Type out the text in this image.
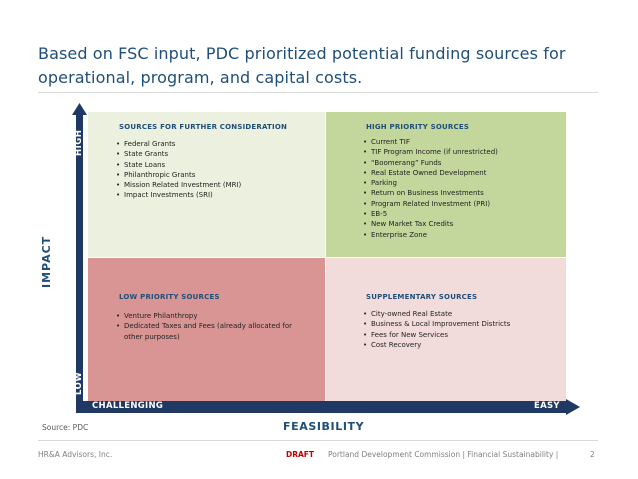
Based on FSC input, PDC prioritized potential funding sources for operational, program, and capital costs.
SOURCES FOR FURTHER CONSIDERATION
• Federal Grants
• State Grants
• State Loans
• Philanthropic Grants
• Mission Related Investment (MRI)
• Impact Investments (SRI)
HIGH PRIORITY SOURCES
• Current TIF
• TIF Program Income (if unrestricted)
• “Boomerang” Funds
• Real Estate Owned Development
• Parking
• Return on Business Investments
• Program Related Investment (PRI)
• EB-5
• New Market Tax Credits
• Enterprise Zone
LOW PRIORITY SOURCES
• Venture Philanthropy
• Dedicated Taxes and Fees (already allocated for other purposes)
SUPPLEMENTARY SOURCES
• City-owned Real Estate
• Business & Local Improvement Districts
• Fees for New Services
• Cost Recovery
HIGH
LOW
IMPACT
CHALLENGING	EASY
FEASIBILITY
Source: PDC
HR&A Advisors, Inc.	DRAFT Portland Development Commission | Financial Sustainability |	2
